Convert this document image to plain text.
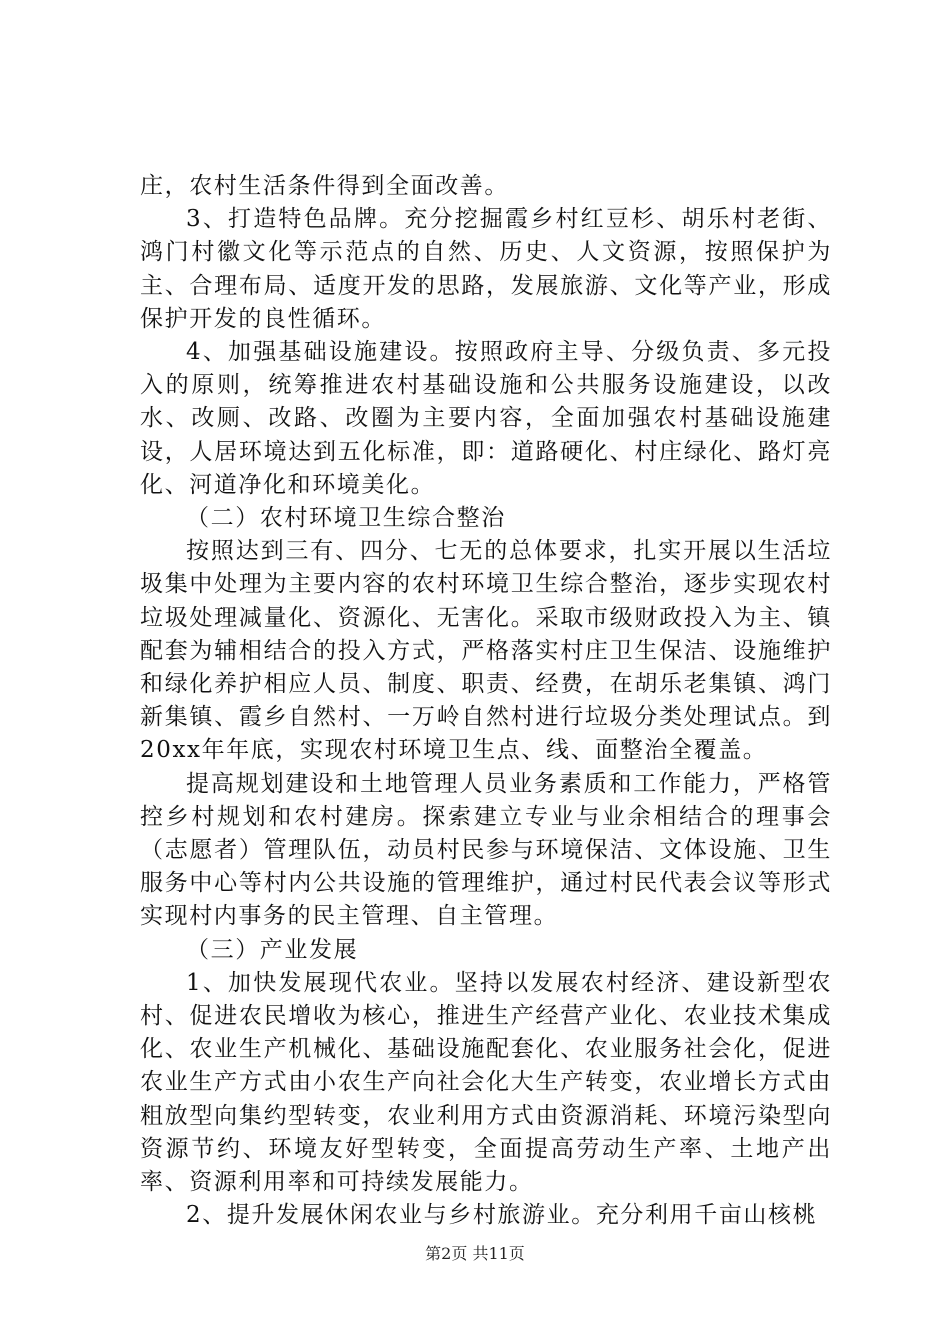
庄，农村生活条件得到全面改善。

3、打造特色品牌。充分挖掘霞乡村红豆杉、胡乐村老街、鸿门村徽文化等示范点的自然、历史、人文资源，按照保护为主、合理布局、适度开发的思路，发展旅游、文化等产业，形成保护开发的良性循环。

4、加强基础设施建设。按照政府主导、分级负责、多元投入的原则，统筹推进农村基础设施和公共服务设施建设，以改水、改厕、改路、改圈为主要内容，全面加强农村基础设施建设，人居环境达到五化标准，即：道路硬化、村庄绿化、路灯亮化、河道净化和环境美化。

（二）农村环境卫生综合整治

按照达到三有、四分、七无的总体要求，扎实开展以生活垃圾集中处理为主要内容的农村环境卫生综合整治，逐步实现农村垃圾处理减量化、资源化、无害化。采取市级财政投入为主、镇配套为辅相结合的投入方式，严格落实村庄卫生保洁、设施维护和绿化养护相应人员、制度、职责、经费，在胡乐老集镇、鸿门新集镇、霞乡自然村、一万岭自然村进行垃圾分类处理试点。到20xx年年底，实现农村环境卫生点、线、面整治全覆盖。

提高规划建设和土地管理人员业务素质和工作能力，严格管控乡村规划和农村建房。探索建立专业与业余相结合的理事会（志愿者）管理队伍，动员村民参与环境保洁、文体设施、卫生服务中心等村内公共设施的管理维护，通过村民代表会议等形式实现村内事务的民主管理、自主管理。

（三）产业发展

1、加快发展现代农业。坚持以发展农村经济、建设新型农村、促进农民增收为核心，推进生产经营产业化、农业技术集成化、农业生产机械化、基础设施配套化、农业服务社会化，促进农业生产方式由小农生产向社会化大生产转变，农业增长方式由粗放型向集约型转变，农业利用方式由资源消耗、环境污染型向资源节约、环境友好型转变，全面提高劳动生产率、土地产出率、资源利用率和可持续发展能力。

2、提升发展休闲农业与乡村旅游业。充分利用千亩山核桃

第2页 共11页
